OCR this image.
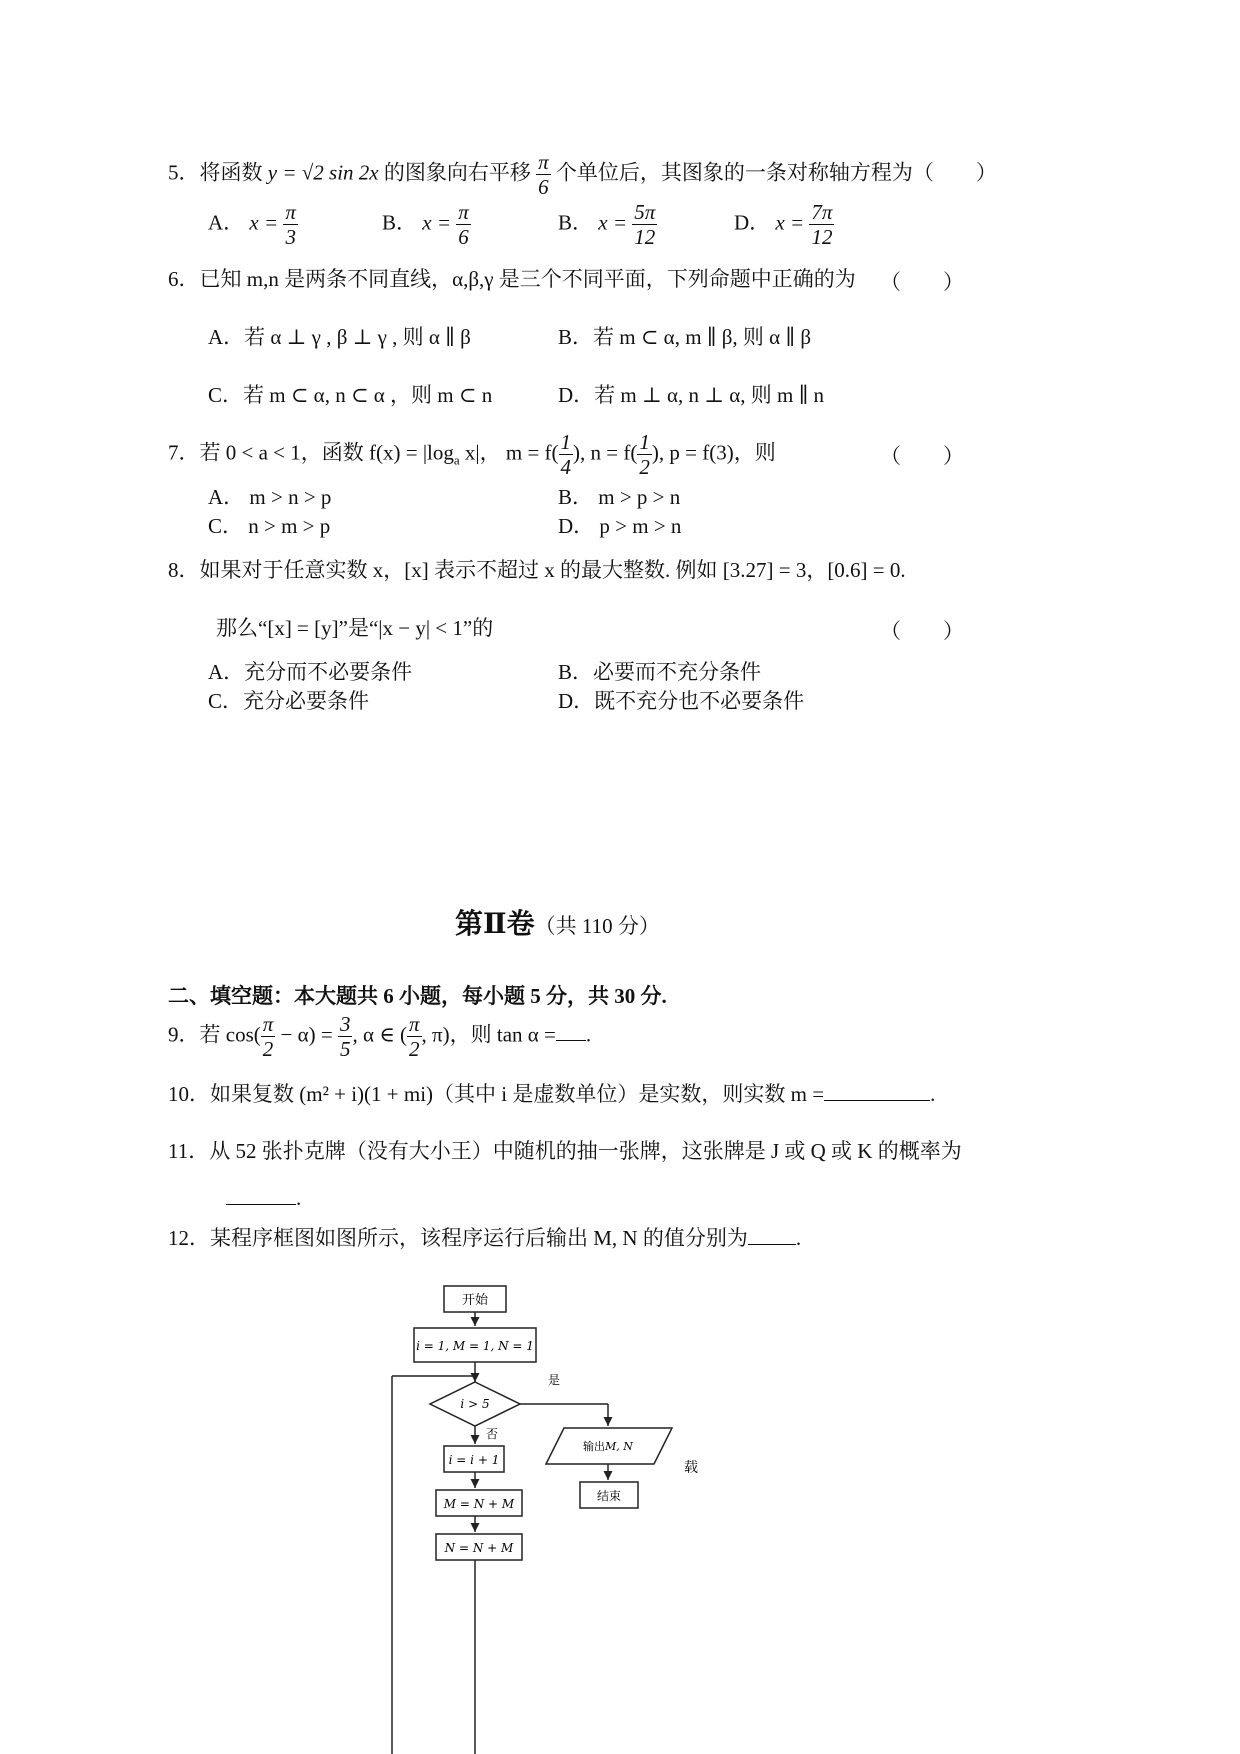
5．将函数 y = √2 sin 2x 的图象向右平移 $\frac{\pi}{6}$ 个单位后，其图象的一条对称轴方程为（　　）
A． $x = \frac{\pi}{3}$	B． $x = \frac{\pi}{6}$	B． $x = \frac{5\pi}{12}$	D． $x = \frac{7\pi}{12}$
6．已知 m,n 是两条不同直线，α,β,γ 是三个不同平面，下列命题中正确的为 （　　）
A．若 α ⊥ γ , β ⊥ γ , 则 α ∥ β	B．若 m ⊂ α, m ∥ β, 则 α ∥ β
C．若 m ⊂ α, n ⊂ α ，则 m ⊂ n	D．若 m ⊥ α, n ⊥ α, 则 m ∥ n
7．若 0 < a < 1，函数 $f(x) = |\log_a$ x|， $m = f( \frac{1}{4}$ ), $n = f( \frac{1}{2}$ ), p = f(3)，则	（　　）
A． m > n > p	B． m > p > n
C． n > m > p	D． p > m > n
8．如果对于任意实数 x，[x] 表示不超过 x 的最大整数. 例如 [3.27] = 3，[0.6] = 0.
那么“[x] = [y]”是“|x − y| < 1”的	（　　）
A．充分而不必要条件	B．必要而不充分条件
C．充分必要条件	D．既不充分也不必要条件
第Ⅱ卷（共 110 分）
二、填空题：本大题共 6 小题，每小题 5 分，共 30 分.
9．若 $\cos( \frac{\pi}{2} - \alpha) = \frac{3}{5}$ , α ∈ ( $\frac{\pi}{2}$ , π)，则 tan α = .
10．如果复数 (m² + i)(1 + mi)（其中 i 是虚数单位）是实数，则实数 m =	.
11．从 52 张扑克牌（没有大小王）中随机的抽一张牌，这张牌是 J 或 Q 或 K 的概率为
.
12．某程序框图如图所示，该程序运行后输出 M, N 的值分别为 .
开始
i = 1, M = 1, N = 1
i > 5
是
输出M, N
载
结束
否
i = i + 1
M = N + M
N = N + M
